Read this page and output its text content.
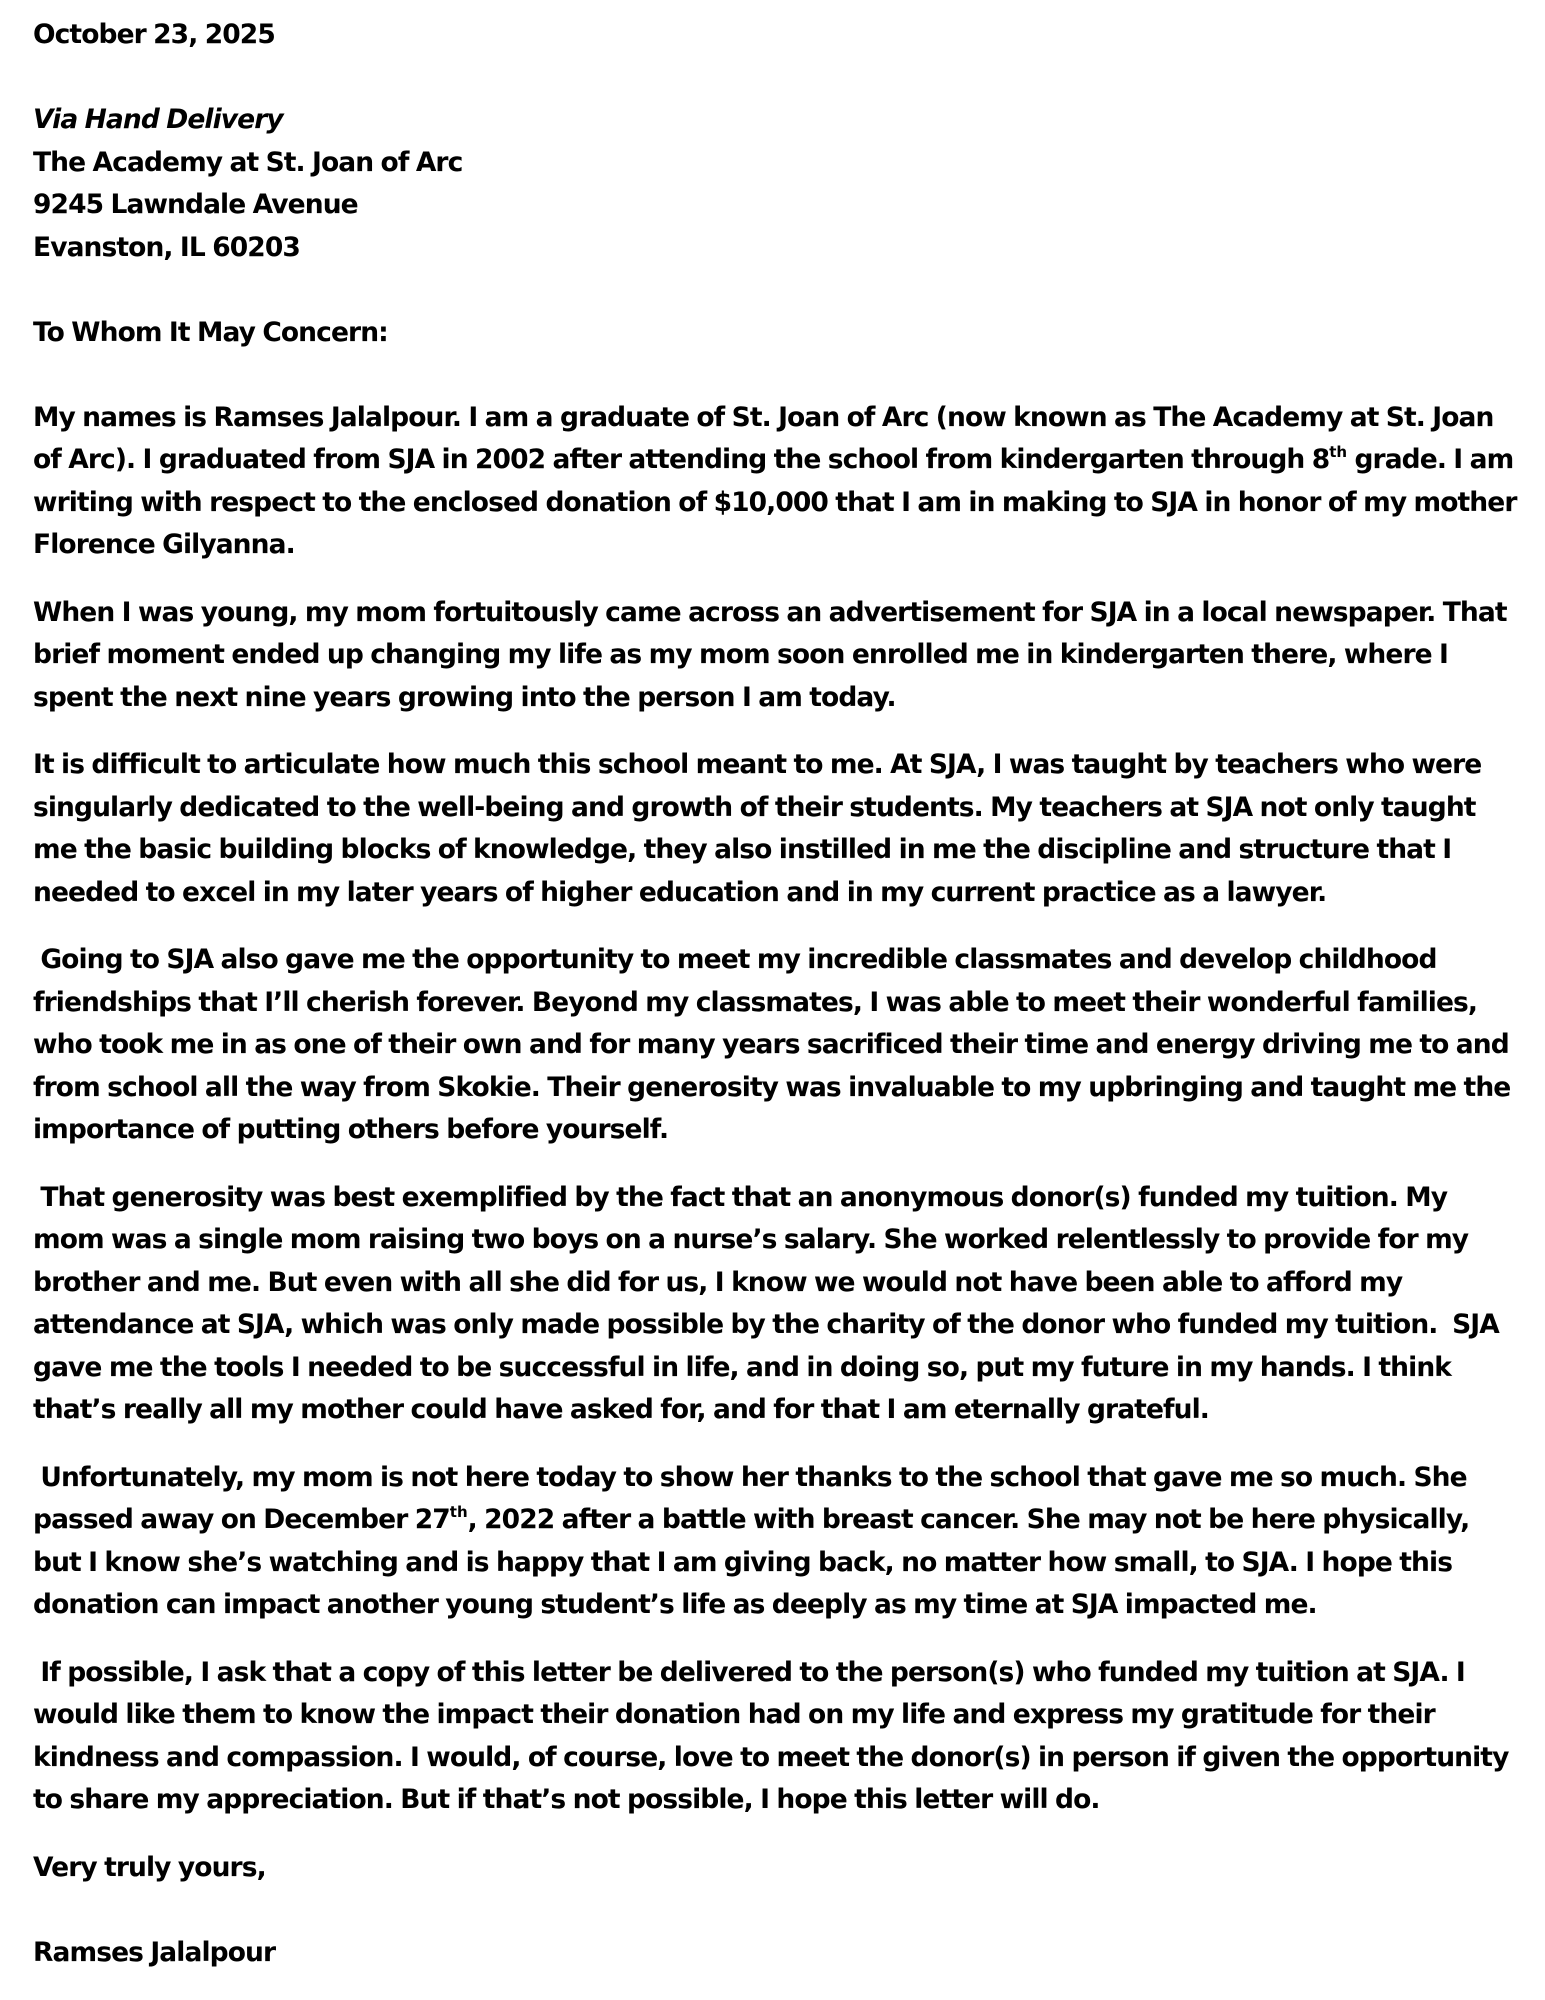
October 23, 2025

Via Hand Delivery
The Academy at St. Joan of Arc
9245 Lawndale Avenue
Evanston, IL 60203
To Whom It May Concern:

My names is Ramses Jalalpour. I am a graduate of St. Joan of Arc (now known as The Academy at St. Joan of Arc). I graduated from SJA in 2002 after attending the school from kindergarten through 8th grade. I am writing with respect to the enclosed donation of $10,000 that I am in making to SJA in honor of my mother Florence Gilyanna.

When I was young, my mom fortuitously came across an advertisement for SJA in a local newspaper. That brief moment ended up changing my life as my mom soon enrolled me in kindergarten there, where I spent the next nine years growing into the person I am today.

It is difficult to articulate how much this school meant to me. At SJA, I was taught by teachers who were singularly dedicated to the well-being and growth of their students. My teachers at SJA not only taught me the basic building blocks of knowledge, they also instilled in me the discipline and structure that I needed to excel in my later years of higher education and in my current practice as a lawyer.

Going to SJA also gave me the opportunity to meet my incredible classmates and develop childhood friendships that I’ll cherish forever. Beyond my classmates, I was able to meet their wonderful families, who took me in as one of their own and for many years sacrificed their time and energy driving me to and from school all the way from Skokie. Their generosity was invaluable to my upbringing and taught me the importance of putting others before yourself.

That generosity was best exemplified by the fact that an anonymous donor(s) funded my tuition. My mom was a single mom raising two boys on a nurse’s salary. She worked relentlessly to provide for my brother and me. But even with all she did for us, I know we would not have been able to afford my attendance at SJA, which was only made possible by the charity of the donor who funded my tuition.  SJA gave me the tools I needed to be successful in life, and in doing so, put my future in my hands. I think that’s really all my mother could have asked for, and for that I am eternally grateful.

Unfortunately, my mom is not here today to show her thanks to the school that gave me so much. She passed away on December 27th, 2022 after a battle with breast cancer. She may not be here physically, but I know she’s watching and is happy that I am giving back, no matter how small, to SJA. I hope this donation can impact another young student’s life as deeply as my time at SJA impacted me.

If possible, I ask that a copy of this letter be delivered to the person(s) who funded my tuition at SJA. I would like them to know the impact their donation had on my life and express my gratitude for their kindness and compassion. I would, of course, love to meet the donor(s) in person if given the opportunity to share my appreciation. But if that’s not possible, I hope this letter will do.

Very truly yours,
Ramses Jalalpour
